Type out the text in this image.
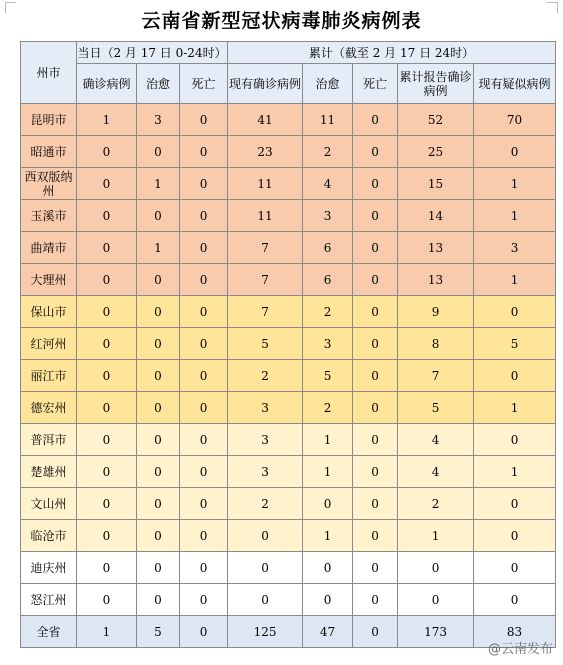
云南省新型冠状病毒肺炎病例表
州市	当日（2 月 17 日 0-24时）			累计（截至 2 月 17 日 24时）				
	确诊病例	治愈	死亡	现有确诊病例	治愈	死亡	累计报告确诊病例	现有疑似病例
昆明市	1	3	0	41	11	0	52	70
昭通市	0	0	0	23	2	0	25	0
西双版纳州	0	1	0	11	4	0	15	1
玉溪市	0	0	0	11	3	0	14	1
曲靖市	0	1	0	7	6	0	13	3
大理州	0	0	0	7	6	0	13	1
保山市	0	0	0	7	2	0	9	0
红河州	0	0	0	5	3	0	8	5
丽江市	0	0	0	2	5	0	7	0
德宏州	0	0	0	3	2	0	5	1
普洱市	0	0	0	3	1	0	4	0
楚雄州	0	0	0	3	1	0	4	1
文山州	0	0	0	2	0	0	2	0
临沧市	0	0	0	0	1	0	1	0
迪庆州	0	0	0	0	0	0	0	0
怒江州	0	0	0	0	0	0	0	0
全省	1	5	0	125	47	0	173	83
@云南发布
